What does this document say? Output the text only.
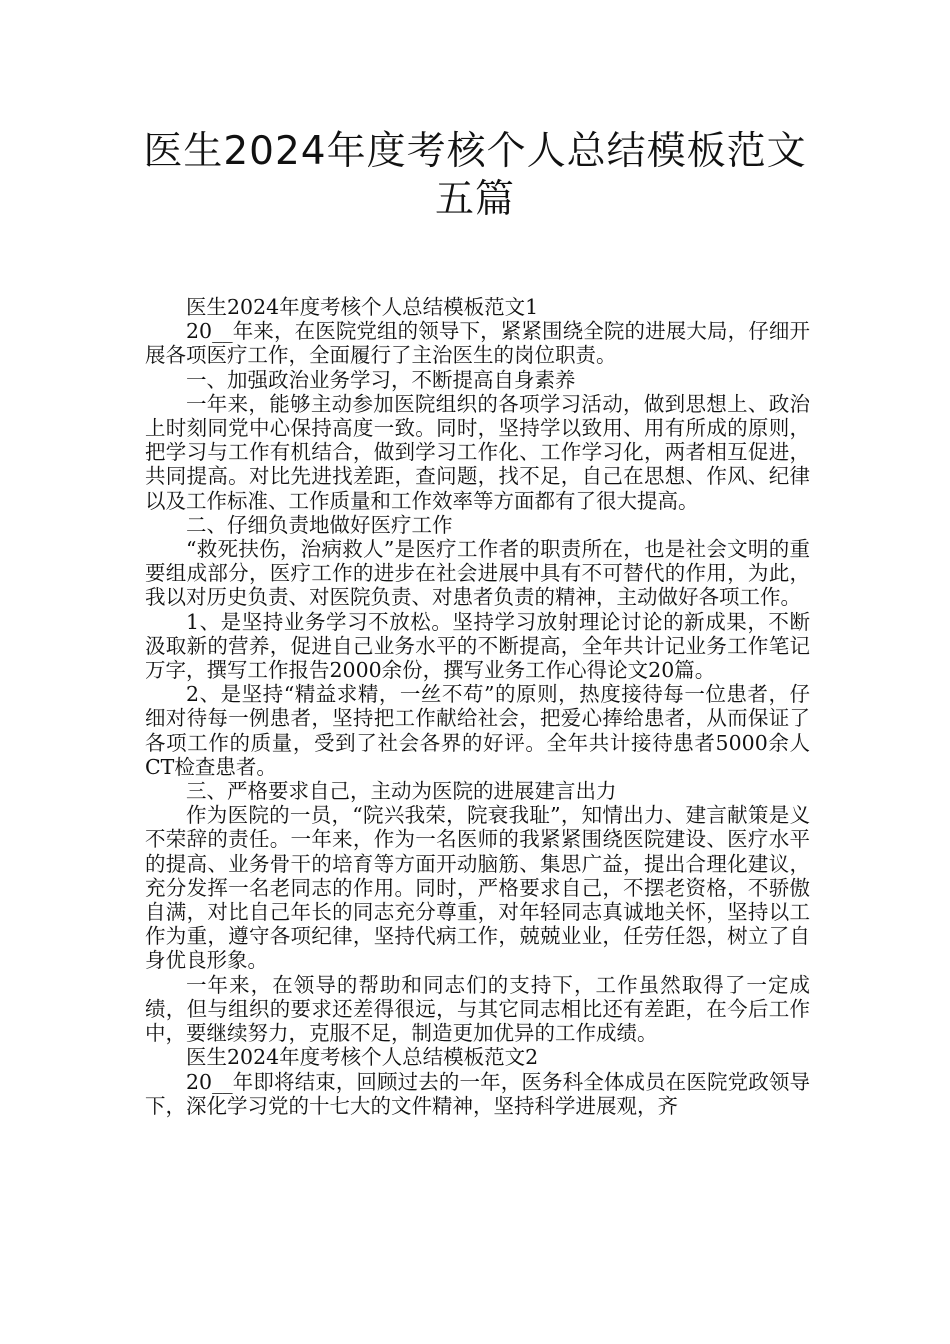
医生2024年度考核个人总结模板范文
五篇

医生2024年度考核个人总结模板范文1

20__年来，在医院党组的领导下，紧紧围绕全院的进展大局，仔细开展各项医疗工作，全面履行了主治医生的岗位职责。

一、加强政治业务学习，不断提高自身素养

一年来，能够主动参加医院组织的各项学习活动，做到思想上、政治上时刻同党中心保持高度一致。同时，坚持学以致用、用有所成的原则，把学习与工作有机结合，做到学习工作化、工作学习化，两者相互促进，共同提高。对比先进找差距，查问题，找不足，自己在思想、作风、纪律以及工作标准、工作质量和工作效率等方面都有了很大提高。

二、仔细负责地做好医疗工作

“救死扶伤，治病救人”是医疗工作者的职责所在，也是社会文明的重要组成部分，医疗工作的进步在社会进展中具有不可替代的作用，为此，我以对历史负责、对医院负责、对患者负责的精神，主动做好各项工作。

1、是坚持业务学习不放松。坚持学习放射理论讨论的新成果，不断汲取新的营养，促进自己业务水平的不断提高，全年共计记业务工作笔记万字，撰写工作报告2000余份，撰写业务工作心得论文20篇。

2、是坚持“精益求精，一丝不苟”的原则，热度接待每一位患者，仔细对待每一例患者，坚持把工作献给社会，把爱心捧给患者，从而保证了各项工作的质量，受到了社会各界的好评。全年共计接待患者5000余人CT检查患者。

三、严格要求自己，主动为医院的进展建言出力

作为医院的一员，“院兴我荣，院衰我耻”，知情出力、建言献策是义不荣辞的责任。一年来，作为一名医师的我紧紧围绕医院建设、医疗水平的提高、业务骨干的培育等方面开动脑筋、集思广益，提出合理化建议，充分发挥一名老同志的作用。同时，严格要求自己，不摆老资格，不骄傲自满，对比自己年长的同志充分尊重，对年轻同志真诚地关怀，坚持以工作为重，遵守各项纪律，坚持代病工作，兢兢业业，任劳任怨，树立了自身优良形象。

一年来，在领导的帮助和同志们的支持下，工作虽然取得了一定成绩，但与组织的要求还差得很远，与其它同志相比还有差距，在今后工作中，要继续努力，克服不足，制造更加优异的工作成绩。

医生2024年度考核个人总结模板范文2

20__年即将结束，回顾过去的一年，医务科全体成员在医院党政领导下，深化学习党的十七大的文件精神，坚持科学进展观，齐
